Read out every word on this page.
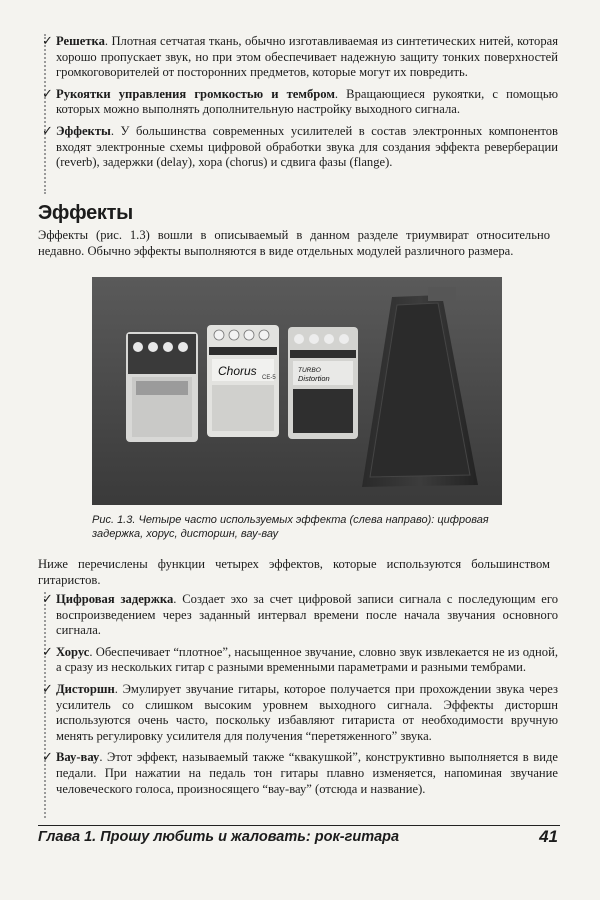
✓ Решетка. Плотная сетчатая ткань, обычно изготавливаемая из синтетических нитей, которая хорошо пропускает звук, но при этом обеспечивает надежную защиту тонких поверхностей громкоговорителей от посторонних предметов, которые могут их повредить.
✓ Рукоятки управления громкостью и тембром. Вращающиеся рукоятки, с помощью которых можно выполнять дополнительную настройку выходного сигнала.
✓ Эффекты. У большинства современных усилителей в состав электронных компонентов входят электронные схемы цифровой обработки звука для создания эффекта реверберации (reverb), задержки (delay), хора (chorus) и сдвига фазы (flange).
Эффекты
Эффекты (рис. 1.3) вошли в описываемый в данном разделе триумвират относительно недавно. Обычно эффекты выполняются в виде отдельных модулей различного размера.
Chorus CE-5
TURBO
Distortion
Рис. 1.3. Четыре часто используемых эффекта (слева направо): цифровая задержка, хорус, дисторшн, вау-вау
Ниже перечислены функции четырех эффектов, которые используются большинством гитаристов.
✓ Цифровая задержка. Создает эхо за счет цифровой записи сигнала с последующим его воспроизведением через заданный интервал времени после начала звучания основного сигнала.
✓ Хорус. Обеспечивает “плотное”, насыщенное звучание, словно звук извлекается не из одной, а сразу из нескольких гитар с разными временными параметрами и разными тембрами.
✓ Дисторшн. Эмулирует звучание гитары, которое получается при прохождении звука через усилитель со слишком высоким уровнем выходного сигнала. Эффекты дисторшн используются очень часто, поскольку избавляют гитариста от необходимости вручную менять регулировку усилителя для получения “перетяженного” звука.
✓ Вау-вау. Этот эффект, называемый также “квакушкой”, конструктивно выполняется в виде педали. При нажатии на педаль тон гитары плавно изменяется, напоминая звучание человеческого голоса, произносящего “вау-вау” (отсюда и название).
Глава 1. Прошу любить и жаловать: рок-гитара	41
